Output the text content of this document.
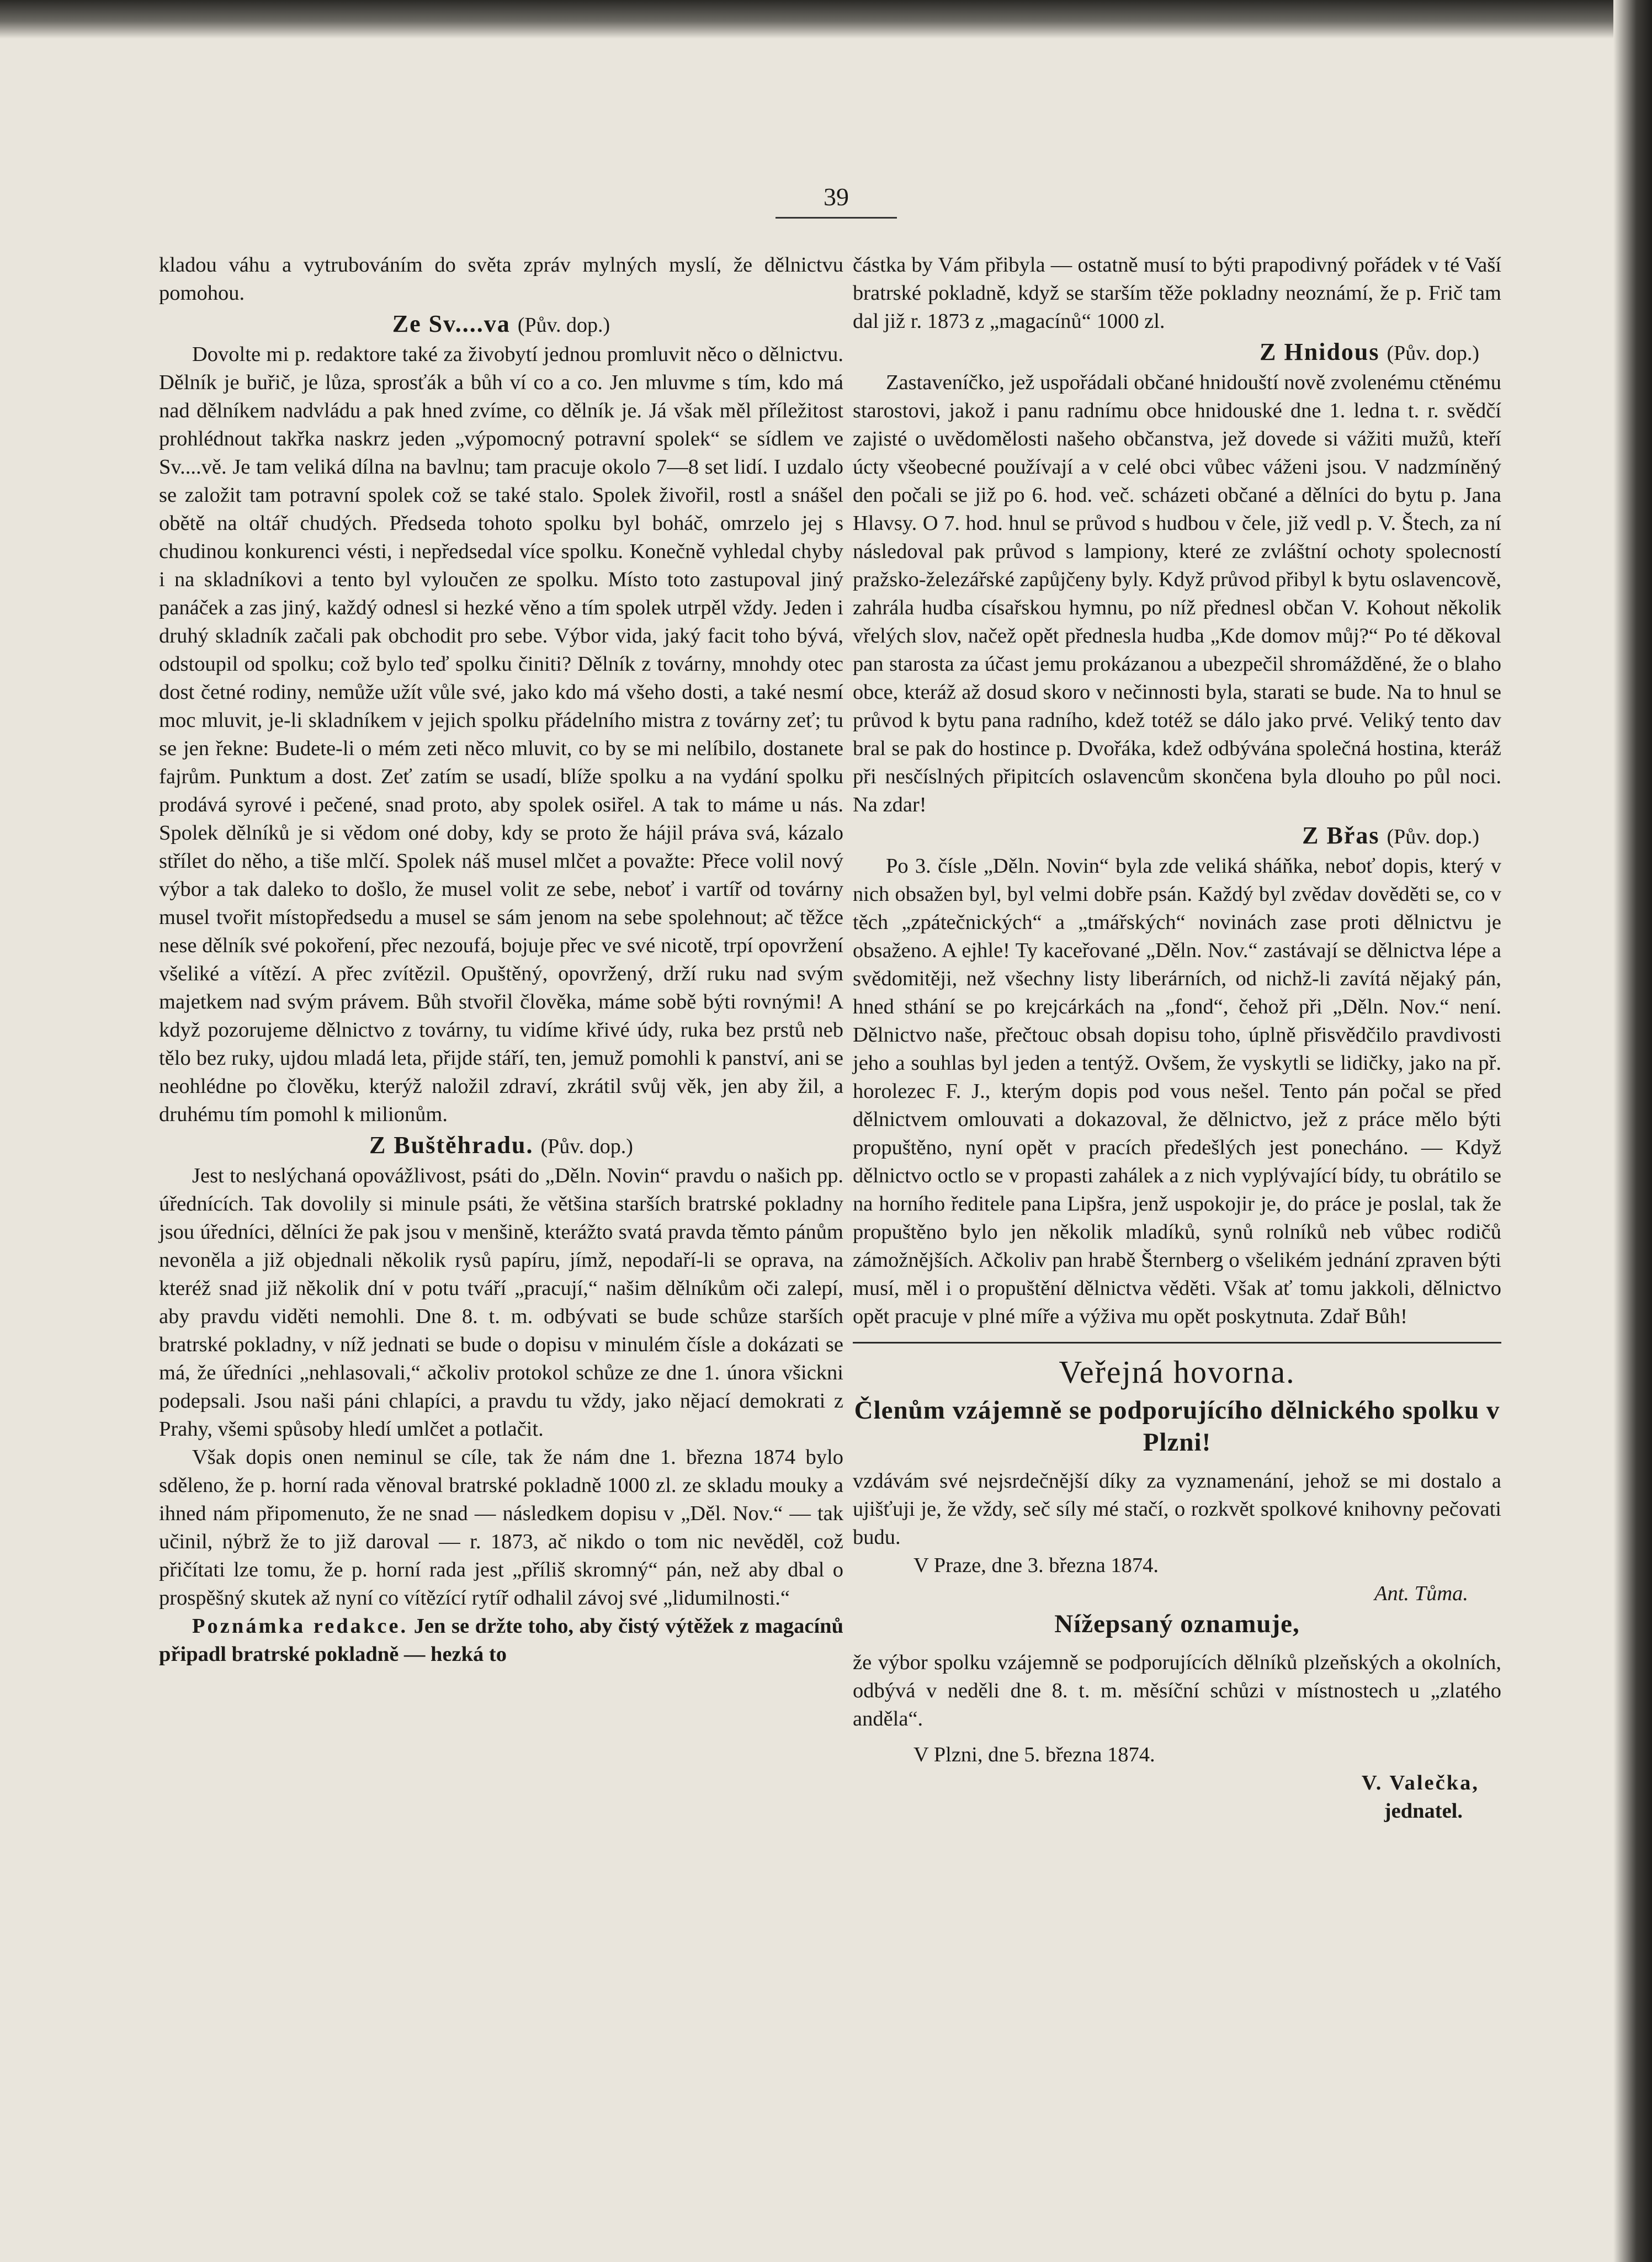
39

kladou váhu a vytrubováním do světa zpráv mylných myslí, že dělnictvu pomohou.

Ze Sv....va (Pův. dop.)

Dovolte mi p. redaktore také za živobytí jednou promluvit něco o dělnictvu. Dělník je buřič, je lůza, sprosťák a bůh ví co a co. Jen mluvme s tím, kdo má nad dělníkem nadvládu a pak hned zvíme, co dělník je. Já však měl příležitost prohlédnout takřka naskrz jeden „výpomocný potravní spolek“ se sídlem ve Sv....vě. Je tam veliká dílna na bavlnu; tam pracuje okolo 7—8 set lidí. I uzdalo se založit tam potravní spolek což se také stalo. Spolek živořil, rostl a snášel obětě na oltář chudých. Předseda tohoto spolku byl boháč, omrzelo jej s chudinou konkurenci vésti, i nepředsedal více spolku. Konečně vyhledal chyby i na skladníkovi a tento byl vyloučen ze spolku. Místo toto zastupoval jiný panáček a zas jiný, každý odnesl si hezké věno a tím spolek utrpěl vždy. Jeden i druhý skladník začali pak obchodit pro sebe. Výbor vida, jaký facit toho bývá, odstoupil od spolku; což bylo teď spolku činiti? Dělník z továrny, mnohdy otec dost četné rodiny, nemůže užít vůle své, jako kdo má všeho dosti, a také nesmí moc mluvit, je-li skladníkem v jejich spolku přádelního mistra z továrny zeť; tu se jen řekne: Budete-li o mém zeti něco mluvit, co by se mi nelíbilo, dostanete fajrům. Punktum a dost. Zeť zatím se usadí, blíže spolku a na vydání spolku prodává syrové i pečené, snad proto, aby spolek osiřel. A tak to máme u nás. Spolek dělníků je si vědom oné doby, kdy se proto že hájil práva svá, kázalo střílet do něho, a tiše mlčí. Spolek náš musel mlčet a považte: Přece volil nový výbor a tak daleko to došlo, že musel volit ze sebe, neboť i vartíř od továrny musel tvořit místopředsedu a musel se sám jenom na sebe spolehnout; ač těžce nese dělník své pokoření, přec nezoufá, bojuje přec ve své nicotě, trpí opovržení všeliké a vítězí. A přec zvítězil. Opuštěný, opovržený, drží ruku nad svým majetkem nad svým právem. Bůh stvořil člověka, máme sobě býti rovnými! A když pozorujeme dělnictvo z továrny, tu vidíme křivé údy, ruka bez prstů neb tělo bez ruky, ujdou mladá leta, přijde stáří, ten, jemuž pomohli k panství, ani se neohlédne po člověku, kterýž naložil zdraví, zkrátil svůj věk, jen aby žil, a druhému tím pomohl k milionům.

Z Buštěhradu. (Pův. dop.)

Jest to neslýchaná opovážlivost, psáti do „Děln. Novin“ pravdu o našich pp. úřednících. Tak dovolily si minule psáti, že většina starších bratrské pokladny jsou úředníci, dělníci že pak jsou v menšině, kterážto svatá pravda těmto pánům nevoněla a již objednali několik rysů papíru, jímž, nepodaří-li se oprava, na kteréž snad již několik dní v potu tváří „pracují,“ našim dělníkům oči zalepí, aby pravdu viděti nemohli. Dne 8. t. m. odbývati se bude schůze starších bratrské pokladny, v níž jednati se bude o dopisu v minulém čísle a dokázati se má, že úředníci „nehlasovali,“ ačkoliv protokol schůze ze dne 1. února všickni podepsali. Jsou naši páni chlapíci, a pravdu tu vždy, jako nějací demokrati z Prahy, všemi spůsoby hledí umlčet a potlačit.

Však dopis onen neminul se cíle, tak že nám dne 1. března 1874 bylo sděleno, že p. horní rada věnoval bratrské pokladně 1000 zl. ze skladu mouky a ihned nám připomenuto, že ne snad — následkem dopisu v „Děl. Nov.“ — tak učinil, nýbrž že to již daroval — r. 1873, ač nikdo o tom nic nevěděl, což přičítati lze tomu, že p. horní rada jest „příliš skromný“ pán, než aby dbal o prospěšný skutek až nyní co vítězící rytíř odhalil závoj své „lidumilnosti.“

Poznámka redakce. Jen se držte toho, aby čistý výtěžek z magacínů připadl bratrské pokladně — hezká to

částka by Vám přibyla — ostatně musí to býti prapodivný pořádek v té Vaší bratrské pokladně, když se starším těže pokladny neoznámí, že p. Frič tam dal již r. 1873 z „magacínů“ 1000 zl.

Z Hnidous (Pův. dop.)

Zastaveníčko, jež uspořádali občané hnidouští nově zvolenému ctěnému starostovi, jakož i panu radnímu obce hnidouské dne 1. ledna t. r. svědčí zajisté o uvědomělosti našeho občanstva, jež dovede si vážiti mužů, kteří úcty všeobecné používají a v celé obci vůbec váženi jsou. V nadzmíněný den počali se již po 6. hod. več. scházeti občané a dělníci do bytu p. Jana Hlavsy. O 7. hod. hnul se průvod s hudbou v čele, již vedl p. V. Štech, za ní následoval pak průvod s lampiony, které ze zvláštní ochoty spolecností pražsko-železářské zapůjčeny byly. Když průvod přibyl k bytu oslavencově, zahrála hudba císařskou hymnu, po níž přednesl občan V. Kohout několik vřelých slov, načež opět přednesla hudba „Kde domov můj?“ Po té děkoval pan starosta za účast jemu prokázanou a ubezpečil shromážděné, že o blaho obce, kteráž až dosud skoro v nečinnosti byla, starati se bude. Na to hnul se průvod k bytu pana radního, kdež totéž se dálo jako prvé. Veliký tento dav bral se pak do hostince p. Dvořáka, kdež odbývána společná hostina, kteráž při nesčíslných připitcích oslavencům skončena byla dlouho po půl noci. Na zdar!

Z Břas (Pův. dop.)

Po 3. čísle „Děln. Novin“ byla zde veliká sháňka, neboť dopis, který v nich obsažen byl, byl velmi dobře psán. Každý byl zvědav dověděti se, co v těch „zpátečnických“ a „tmářských“ novinách zase proti dělnictvu je obsaženo. A ejhle! Ty kaceřované „Děln. Nov.“ zastávají se dělnictva lépe a svědomitěji, než všechny listy liberárních, od nichž-li zavítá nějaký pán, hned sthání se po krejcárkách na „fond“, čehož při „Děln. Nov.“ není. Dělnictvo naše, přečtouc obsah dopisu toho, úplně přisvědčilo pravdivosti jeho a souhlas byl jeden a tentýž. Ovšem, že vyskytli se lidičky, jako na př. horolezec F. J., kterým dopis pod vous nešel. Tento pán počal se před dělnictvem omlouvati a dokazoval, že dělnictvo, jež z práce mělo býti propuštěno, nyní opět v pracích předešlých jest ponecháno. — Když dělnictvo octlo se v propasti zahálek a z nich vyplývající bídy, tu obrátilo se na horního ředitele pana Lipšra, jenž uspokojir je, do práce je poslal, tak že propuštěno bylo jen několik mladíků, synů rolníků neb vůbec rodičů zámožnějších. Ačkoliv pan hrabě Šternberg o všelikém jednání zpraven býti musí, měl i o propuštění dělnictva věděti. Však ať tomu jakkoli, dělnictvo opět pracuje v plné míře a výživa mu opět poskytnuta. Zdař Bůh!

Veřejná hovorna.
Členům vzájemně se podporujícího dělnického spolku v Plzni!

vzdávám své nejsrdečnější díky za vyznamenání, jehož se mi dostalo a ujišťuji je, že vždy, seč síly mé stačí, o rozkvět spolkové knihovny pečovati budu.

V Praze, dne 3. března 1874.

Ant. Tůma.

Nížepsaný oznamuje,

že výbor spolku vzájemně se podporujících dělníků plzeňských a okolních, odbývá v neděli dne 8. t. m. měsíční schůzi v místnostech u „zlatého anděla“.

V Plzni, dne 5. března 1874.

V. Valečka,

jednatel.
